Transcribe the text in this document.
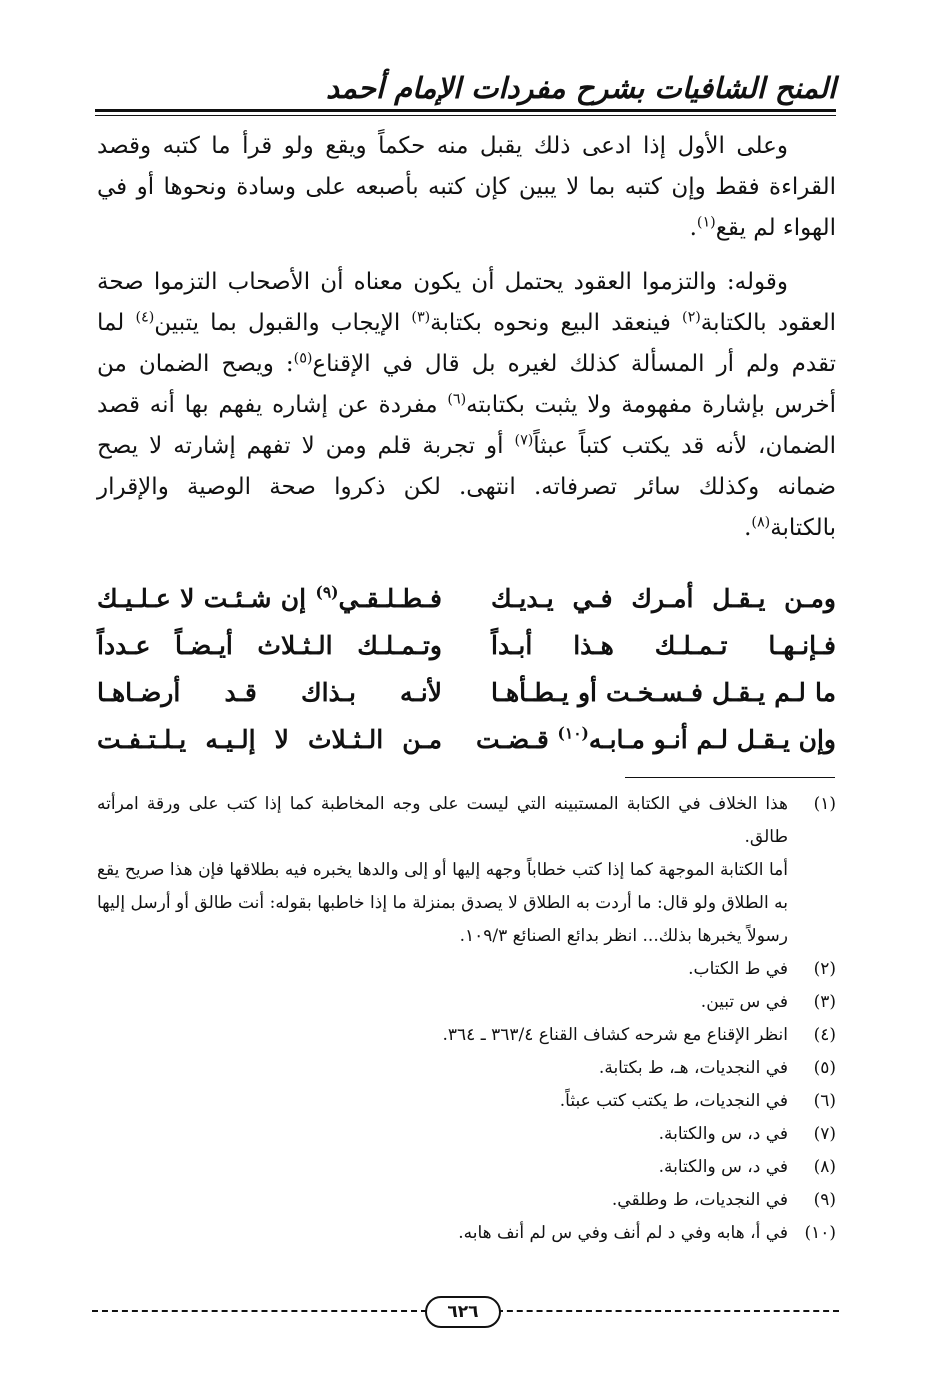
المنح الشافيات بشرح مفردات الإمام أحمد

وعلى الأول إذا ادعى ذلك يقبل منه حكماً ويقع ولو قرأ ما كتبه وقصد القراءة فقط وإن كتبه بما لا يبين كإن كتبه بأصبعه على وسادة ونحوها أو في الهواء لم يقع$^{(١)}$.

وقوله: والتزموا العقود يحتمل أن يكون معناه أن الأصحاب التزموا صحة العقود بالكتابة$^{(٢)}$ فينعقد البيع ونحوه بكتابة$^{(٣)}$ الإيجاب والقبول بما يتبين$^{(٤)}$ لما تقدم ولم أر المسألة كذلك لغيره بل قال في الإقناع$^{(٥)}$: ويصح الضمان من أخرس بإشارة مفهومة ولا يثبت بكتابته$^{(٦)}$ مفردة عن إشاره يفهم بها أنه قصد الضمان، لأنه قد يكتب كتباً عبثاً$^{(٧)}$ أو تجربة قلم ومن لا تفهم إشارته لا يصح ضمانه وكذلك سائر تصرفاته. انتهى. لكن ذكروا صحة الوصية والإقرار بالكتابة$^{(٨)}$.

ومـن يـقـل أمـرك فـي يـديـك
فـطـلـقـي$^{(٩)}$ إن شـئـت لا عـلـيـك
فـإنـهـا تـمـلـك هـذا أبـداً
وتـمـلـك الـثـلاث أيـضـاً عـدداً
ما لـم يـقـل فـسـخـت أو يـطـأهـا
لأنـه بـذاك قـد أرضـاهـا
وإن يـقـل لـم أنـو مـابـه$^{(١٠)}$ قـضـت
مـن الـثـلاث لا إلـيـه يـلـتـفـت
(١)
هذا الخلاف في الكتابة المستبينه التي ليست على وجه المخاطبة كما إذا كتب على ورقة امرأته طالق.
أما الكتابة الموجهة كما إذا كتب خطاباً وجهه إليها أو إلى والدها يخبره فيه بطلاقها فإن هذا صريح يقع به الطلاق ولو قال: ما أردت به الطلاق لا يصدق بمنزلة ما إذا خاطبها بقوله: أنت طالق أو أرسل إليها رسولاً يخبرها بذلك... انظر بدائع الصنائع ١٠٩/٣.
(٢)
في ط الكتاب.
(٣)
في س تبين.
(٤)
انظر الإقناع مع شرحه كشاف القناع ٣٦٣/٤ ـ ٣٦٤.
(٥)
في النجديات، هـ، ط بكتابة.
(٦)
في النجديات، ط يكتب كتب عبثاً.
(٧)
في د، س والكتابة.
(٨)
في د، س والكتابة.
(٩)
في النجديات، ط وطلقي.
(١٠)
في أ، هابه وفي د لم أنف وفي س لم أنف هابه.
٦٢٦
